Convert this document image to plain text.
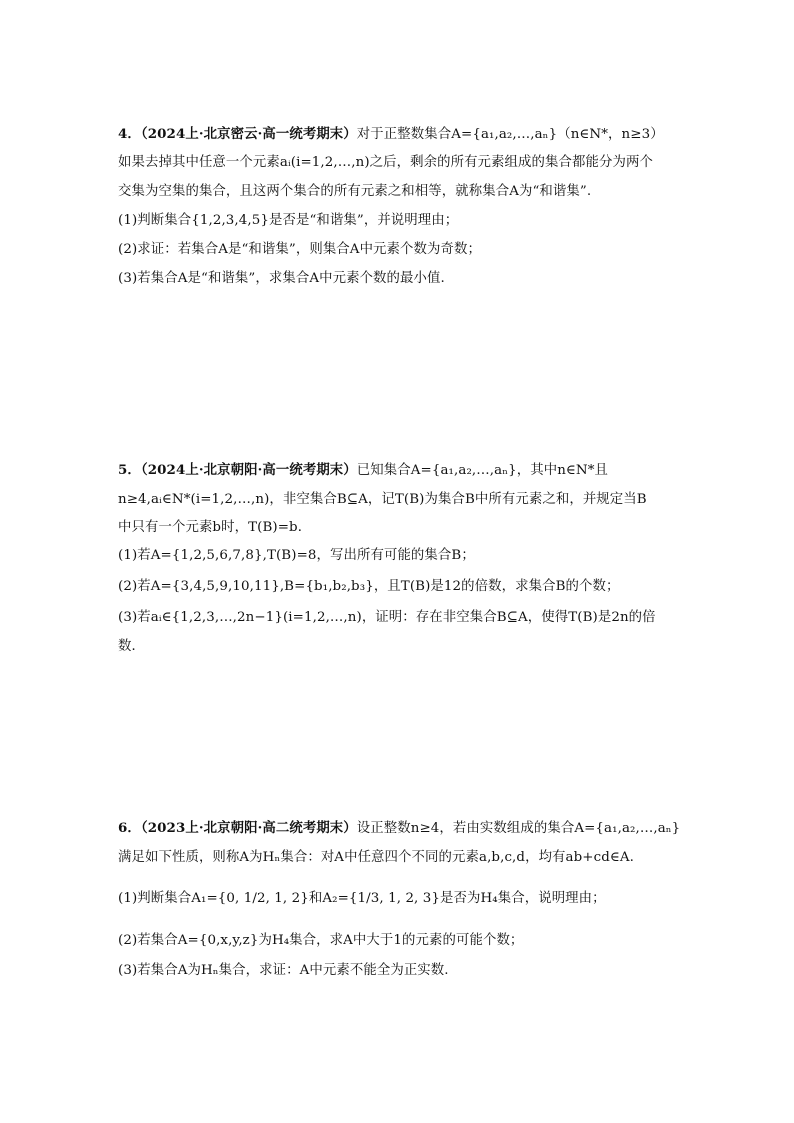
4．（2024上·北京密云·高一统考期末）对于正整数集合A={a₁,a₂,…,aₙ}（n∈N*，n≥3）
如果去掉其中任意一个元素aᵢ(i=1,2,…,n)之后，剩余的所有元素组成的集合都能分为两个
交集为空集的集合，且这两个集合的所有元素之和相等，就称集合A为“和谐集”.
(1)判断集合{1,2,3,4,5}是否是“和谐集”，并说明理由；
(2)求证：若集合A是“和谐集”，则集合A中元素个数为奇数；
(3)若集合A是“和谐集”，求集合A中元素个数的最小值.
5．（2024上·北京朝阳·高一统考期末）已知集合A={a₁,a₂,…,aₙ}，其中n∈N*且
n≥4,aᵢ∈N*(i=1,2,…,n)，非空集合B⊆A，记T(B)为集合B中所有元素之和，并规定当B
中只有一个元素b时，T(B)=b．
(1)若A={1,2,5,6,7,8},T(B)=8，写出所有可能的集合B；
(2)若A={3,4,5,9,10,11},B={b₁,b₂,b₃}，且T(B)是12的倍数，求集合B的个数；
(3)若aᵢ∈{1,2,3,…,2n−1}(i=1,2,…,n)，证明：存在非空集合B⊆A，使得T(B)是2n的倍
数．
6．（2023上·北京朝阳·高二统考期末）设正整数n≥4，若由实数组成的集合A={a₁,a₂,…,aₙ}
满足如下性质，则称A为Hₙ集合：对A中任意四个不同的元素a,b,c,d，均有ab+cd∈A.
(1)判断集合A₁={0, 1/2, 1, 2}和A₂={1/3, 1, 2, 3}是否为H₄集合，说明理由；
(2)若集合A={0,x,y,z}为H₄集合，求A中大于1的元素的可能个数；
(3)若集合A为Hₙ集合，求证：A中元素不能全为正实数.
